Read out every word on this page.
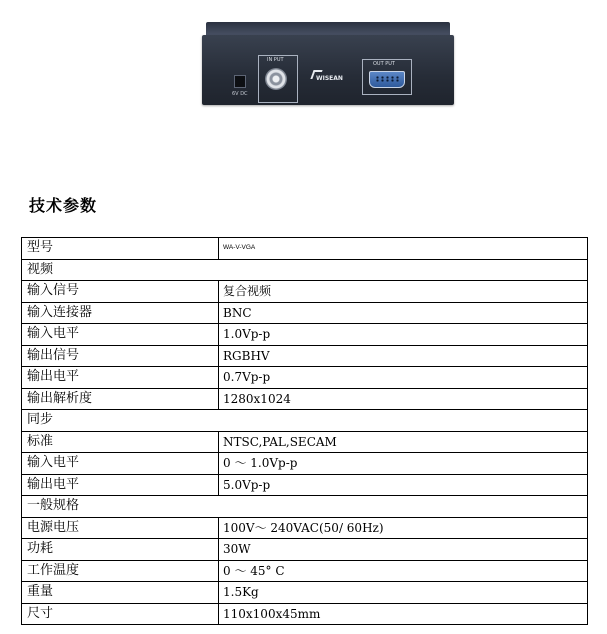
6V DC
IN PUT
WISEAN
OUT PUT
技术参数
型号	WA-V-VGA
视频	
输入信号	复合视频
输入连接器	BNC
输入电平	1.0Vp-p
输出信号	RGBHV
输出电平	0.7Vp-p
输出解析度	1280x1024
同步	
标准	NTSC,PAL,SECAM
输入电平	0 ～ 1.0Vp-p
输出电平	5.0Vp-p
一般规格	
电源电压	100V～ 240VAC(50/ 60Hz)
功耗	30W
工作温度	0 ～ 45° C
重量	1.5Kg
尺寸	110x100x45mm
